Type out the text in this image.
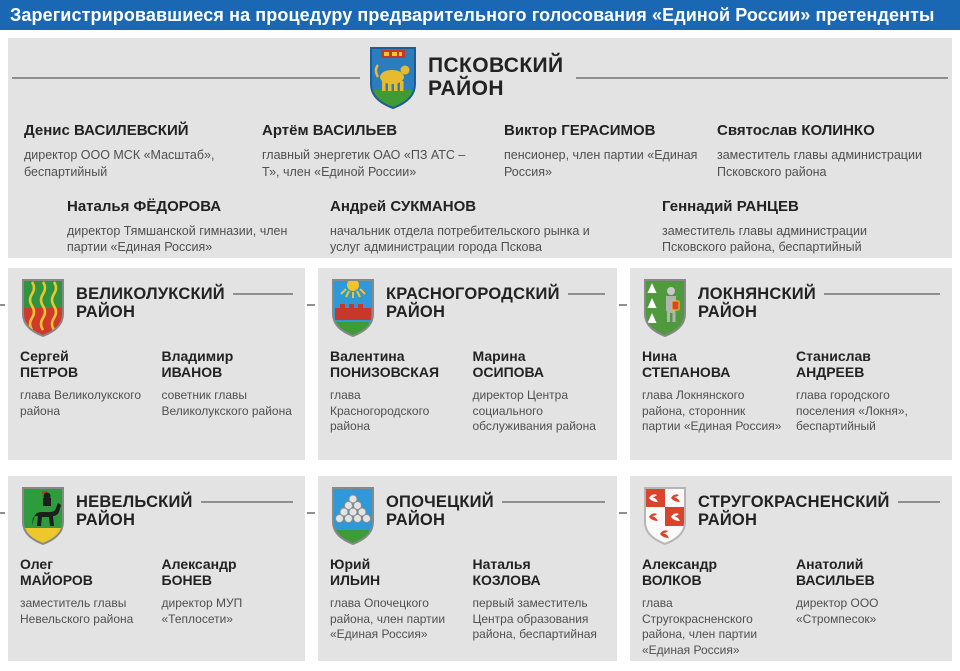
Зарегистрировавшиеся на процедуру предварительного голосования «Единой России» претенденты
ПСКОВСКИЙ
РАЙОН
Денис ВАСИЛЕВСКИЙ
директор ООО МСК «Масштаб», беспартийный
Артём ВАСИЛЬЕВ
главный энергетик ОАО «ПЗ АТС – Т», член «Единой России»
Виктор ГЕРАСИМОВ
пенсионер, член партии «Единая Россия»
Святослав КОЛИНКО
заместитель главы администрации Псковского района
Наталья ФЁДОРОВА
директор Тямшанской гимназии, член партии «Единая Россия»
Андрей СУКМАНОВ
начальник отдела потребительского рынка и услуг администрации города Пскова
Геннадий РАНЦЕВ
заместитель главы администрации Псковского района, беспартийный
ВЕЛИКОЛУКСКИЙ
РАЙОН
Сергей
ПЕТРОВ
глава Великолукского района
Владимир
ИВАНОВ
советник главы Великолукского района
КРАСНОГОРОДСКИЙ
РАЙОН
Валентина
ПОНИЗОВСКАЯ
глава Красногородского района
Марина
ОСИПОВА
директор Центра социального обслуживания района
ЛОКНЯНСКИЙ
РАЙОН
Нина
СТЕПАНОВА
глава Локнянского района, сторонник партии «Единая Россия»
Станислав
АНДРЕЕВ
глава городского поселения «Локня», беспартийный
НЕВЕЛЬСКИЙ
РАЙОН
Олег
МАЙОРОВ
заместитель главы Невельского района
Александр
БОНЕВ
директор МУП «Теплосети»
ОПОЧЕЦКИЙ
РАЙОН
Юрий
ИЛЬИН
глава Опочецкого района, член партии «Единая Россия»
Наталья
КОЗЛОВА
первый заместитель Центра образования района, беспартийная
СТРУГОКРАСНЕНСКИЙ
РАЙОН
Александр
ВОЛКОВ
глава Стругокрасненского района, член партии «Единая Россия»
Анатолий
ВАСИЛЬЕВ
директор ООО «Стромпесок»
